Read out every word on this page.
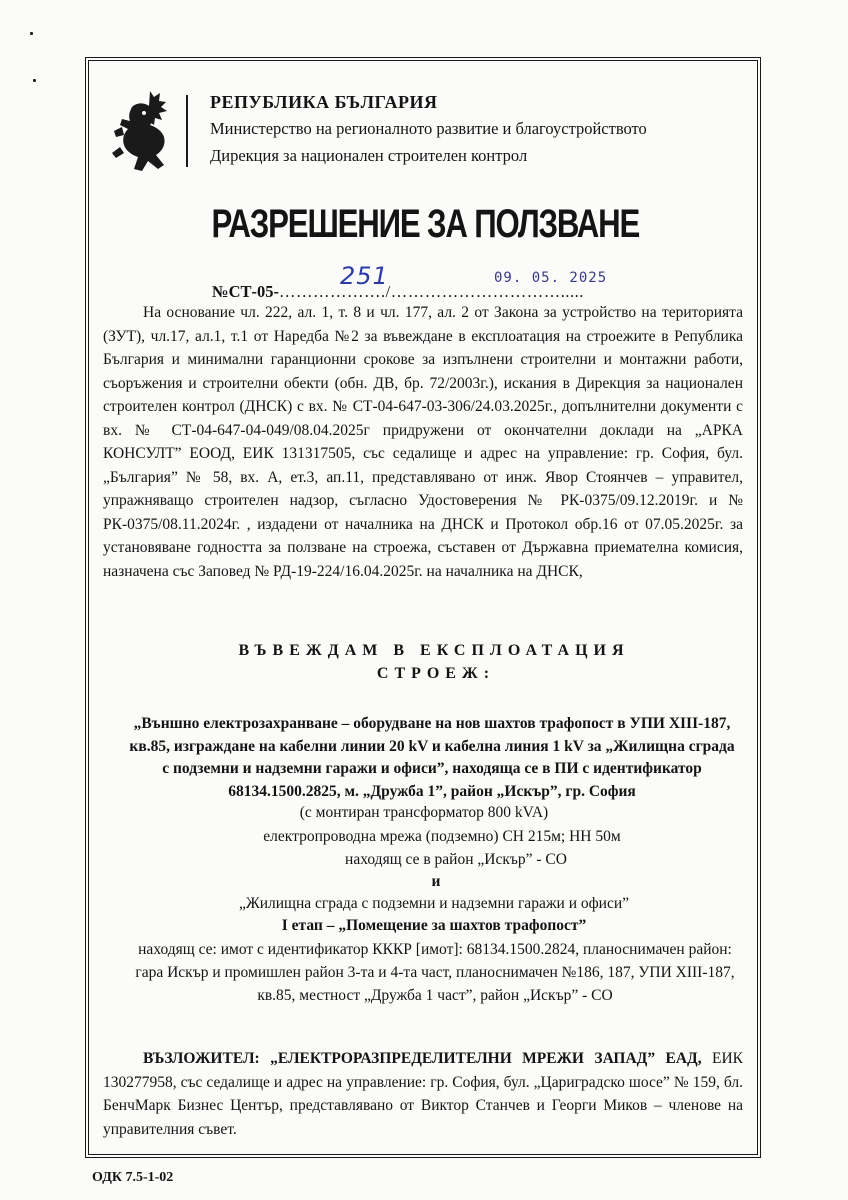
РЕПУБЛИКА БЪЛГАРИЯ
Министерство на регионалното развитие и благоустройството
Дирекция за национален строителен контрол
РАЗРЕШЕНИЕ ЗА ПОЛЗВАНЕ
№СТ-05-………………./………………………….....
251	09. 05. 2025

На основание чл. 222, ал. 1, т. 8 и чл. 177, ал. 2 от Закона за устройство на територията (ЗУТ), чл.17, ал.1, т.1 от Наредба №2 за въвеждане в експлоатация на строежите в Република България и минимални гаранционни срокове за изпълнени строителни и монтажни работи, съоръжения и строителни обекти (обн. ДВ, бр. 72/2003г.), искания в Дирекция за национален строителен контрол (ДНСК) с вх. № СТ-04-647-03-306/24.03.2025г., допълнителни документи с вх. № СТ-04-647-04-049/08.04.2025г придружени от окончателни доклади на „АРКА КОНСУЛТ” ЕООД, ЕИК 131317505, със седалище и адрес на управление: гр. София, бул. „България” № 58, вх. А, ет.3, ап.11, представлявано от инж. Явор Стоянчев – управител, упражняващо строителен надзор, съгласно Удостоверения № РК-0375/09.12.2019г. и № РК-0375/08.11.2024г. , издадени от началника на ДНСК и Протокол обр.16 от 07.05.2025г. за установяване годността за ползване на строежа, съставен от Държавна приемателна комисия, назначена със Заповед № РД-19-224/16.04.2025г. на началника на ДНСК,

ВЪВЕЖДАМ В ЕКСПЛОАТАЦИЯ
СТРОЕЖ:
„Външно електрозахранване – оборудване на нов шахтов трафопост в УПИ XIII-187, кв.85, изграждане на кабелни линии 20 kV и кабелна линия 1 kV за „Жилищна сграда с подземни и надземни гаражи и офиси”, находяща се в ПИ с идентификатор 68134.1500.2825, м. „Дружба 1”, район „Искър”, гр. София
(с монтиран трансформатор 800 kVA)
електропроводна мрежа (подземно) СН 215м; НН 50м
находящ се в район „Искър” - СО
и
„Жилищна сграда с подземни и надземни гаражи и офиси”
I етап – „Помещение за шахтов трафопост”
находящ се: имот с идентификатор КККР [имот]: 68134.1500.2824, планоснимачен район: гара Искър и промишлен район 3-та и 4-та част, планоснимачен №186, 187, УПИ XIII-187, кв.85, местност „Дружба 1 част”, район „Искър” - СО

ВЪЗЛОЖИТЕЛ: „ЕЛЕКТРОРАЗПРЕДЕЛИТЕЛНИ МРЕЖИ ЗАПАД” ЕАД, ЕИК 130277958, със седалище и адрес на управление: гр. София, бул. „Цариградско шосе” № 159, бл. БенчМарк Бизнес Център, представлявано от Виктор Станчев и Георги Миков – членове на управителния съвет.

ОДК 7.5-1-02
